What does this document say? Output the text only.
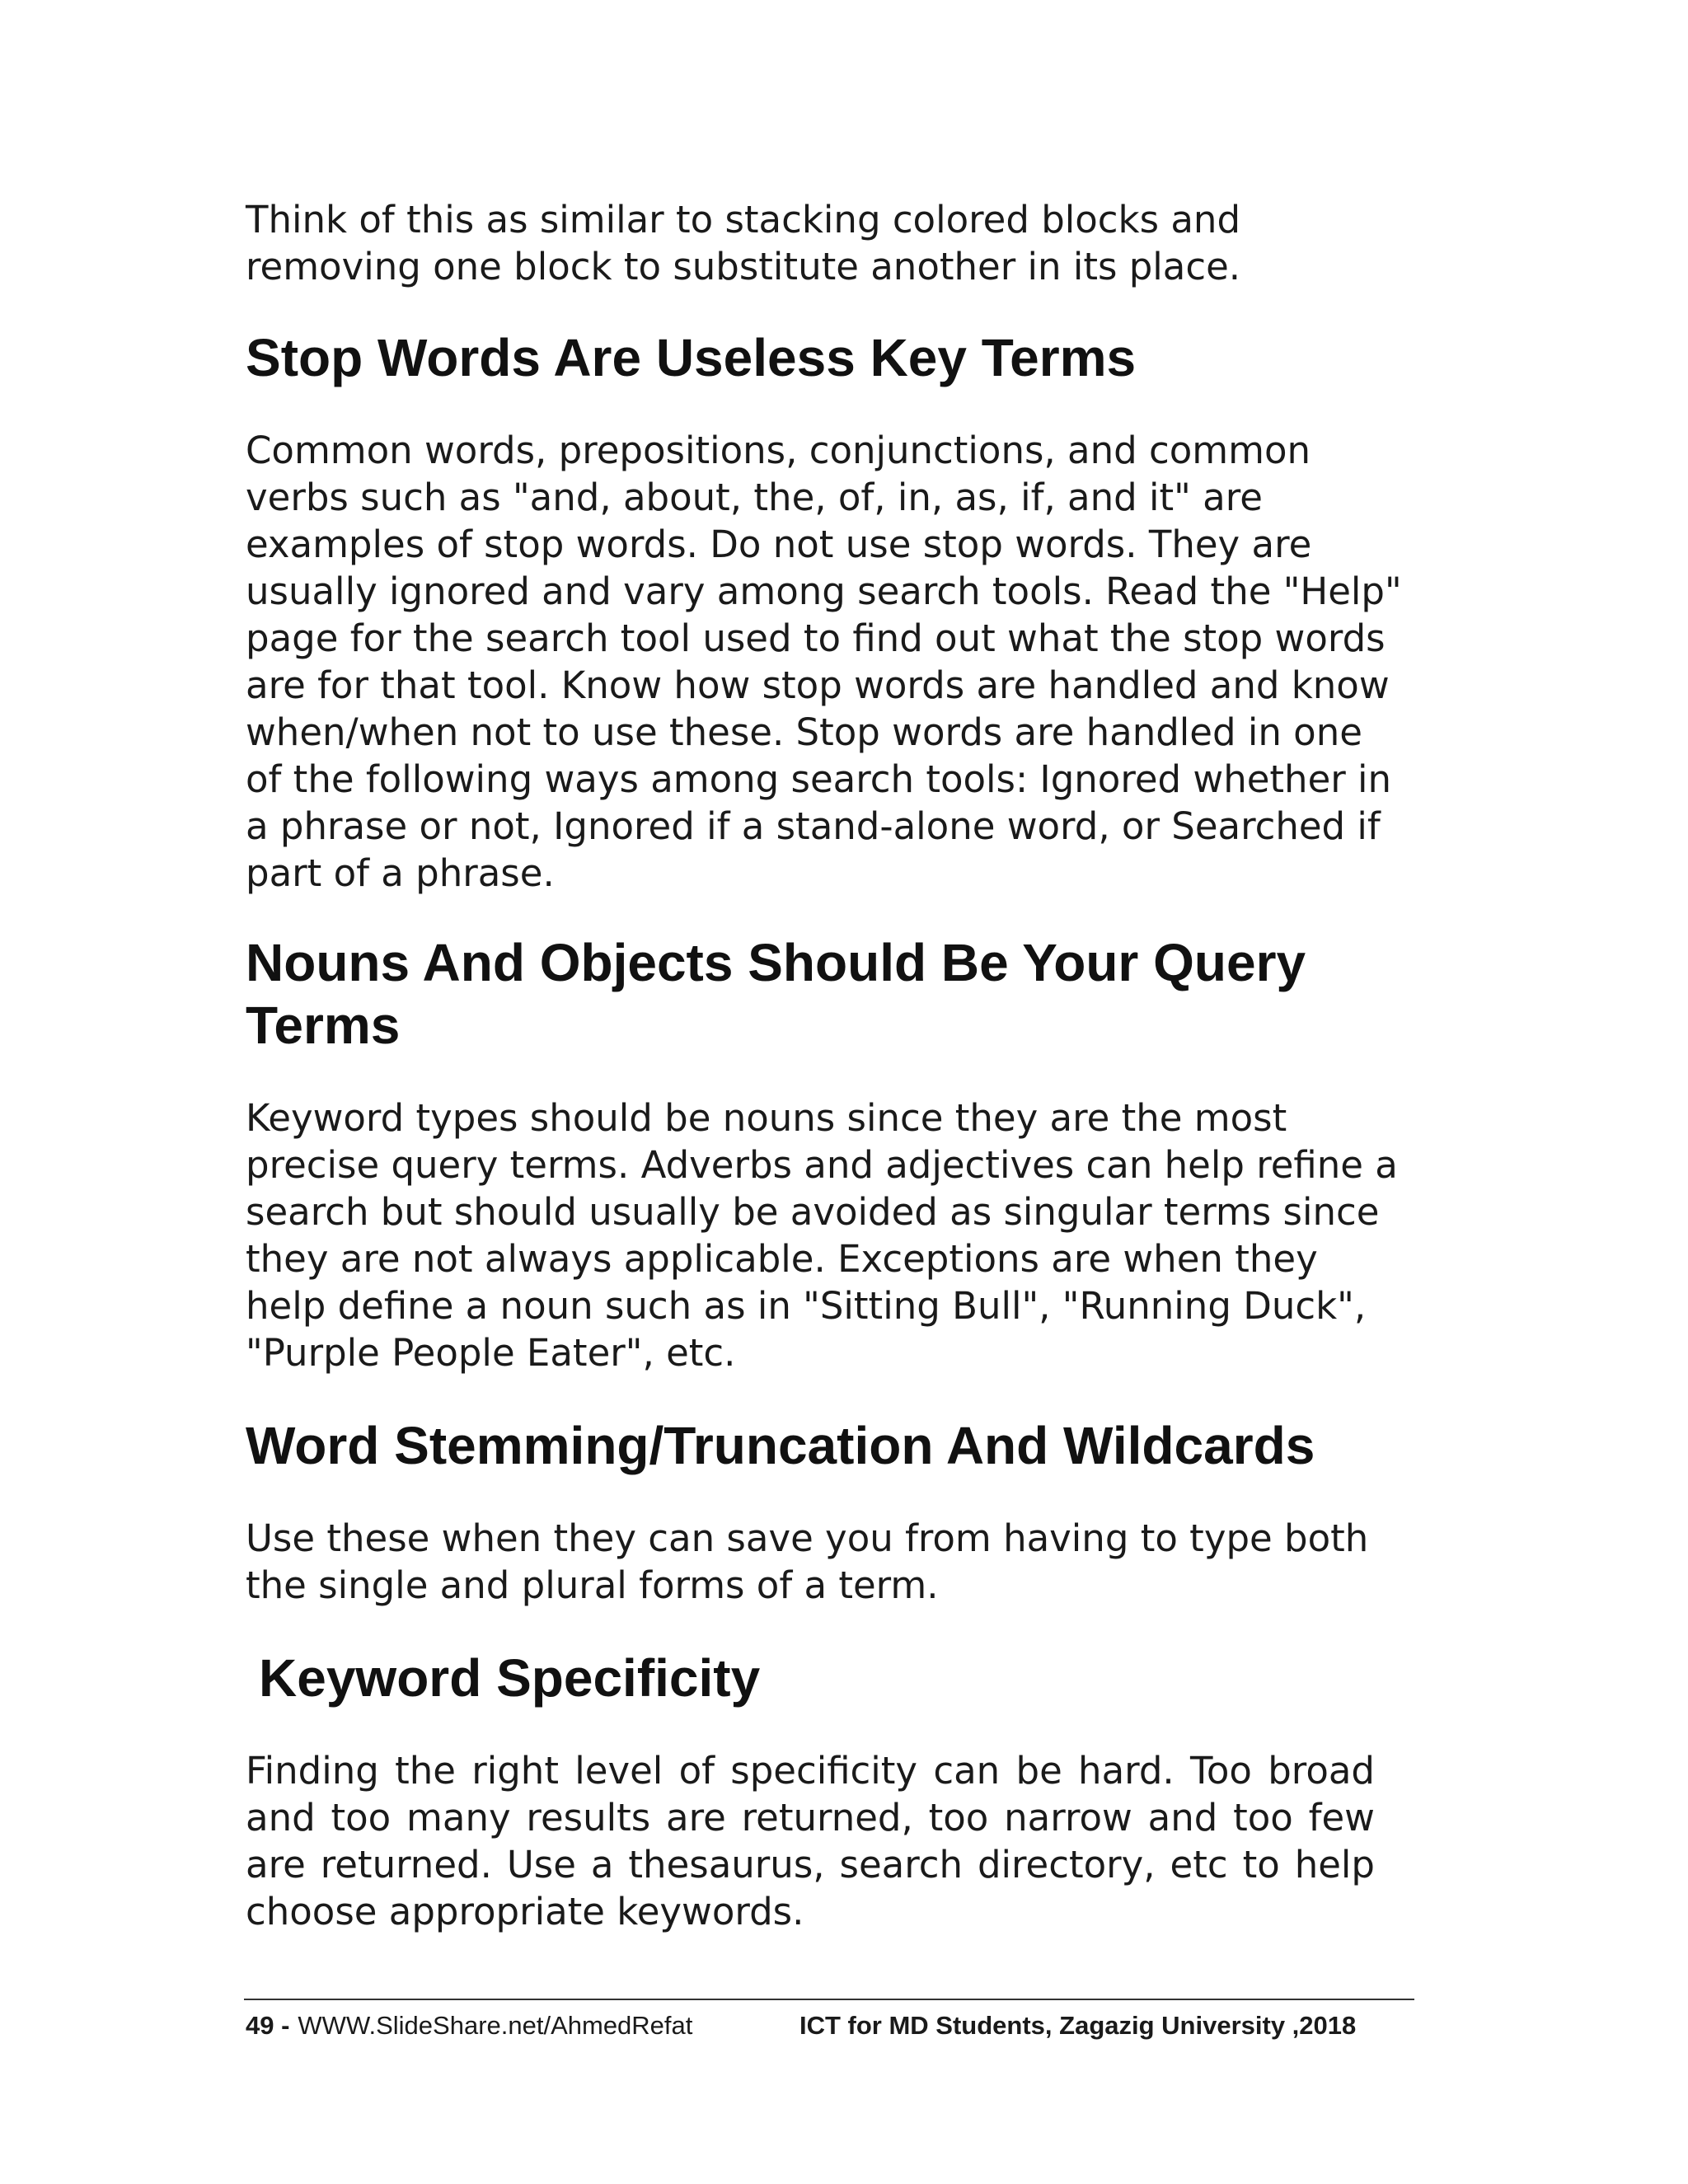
Think of this as similar to stacking colored blocks and removing one block to substitute another in its place.

Stop Words Are Useless Key Terms

Common words, prepositions, conjunctions, and common verbs such as "and, about, the, of, in, as, if, and it" are examples of stop words. Do not use stop words. They are usually ignored and vary among search tools. Read the "Help" page for the search tool used to find out what the stop words are for that tool. Know how stop words are handled and know when/when not to use these. Stop words are handled in one of the following ways among search tools: Ignored whether in a phrase or not, Ignored if a stand-alone word, or Searched if part of a phrase.

Nouns And Objects Should Be Your Query Terms

Keyword types should be nouns since they are the most precise query terms. Adverbs and adjectives can help refine a search but should usually be avoided as singular terms since they are not always applicable. Exceptions are when they help define a noun such as in "Sitting Bull", "Running Duck", "Purple People Eater", etc.

Word Stemming/Truncation And Wildcards

Use these when they can save you from having to type both the single and plural forms of a term.

Keyword Specificity

Finding the right level of specificity can be hard. Too broad and too many results are returned, too narrow and too few are returned. Use a thesaurus, search directory, etc to help choose appropriate keywords.

49 - WWW.SlideShare.net/AhmedRefat	ICT for MD Students, Zagazig University ,2018
